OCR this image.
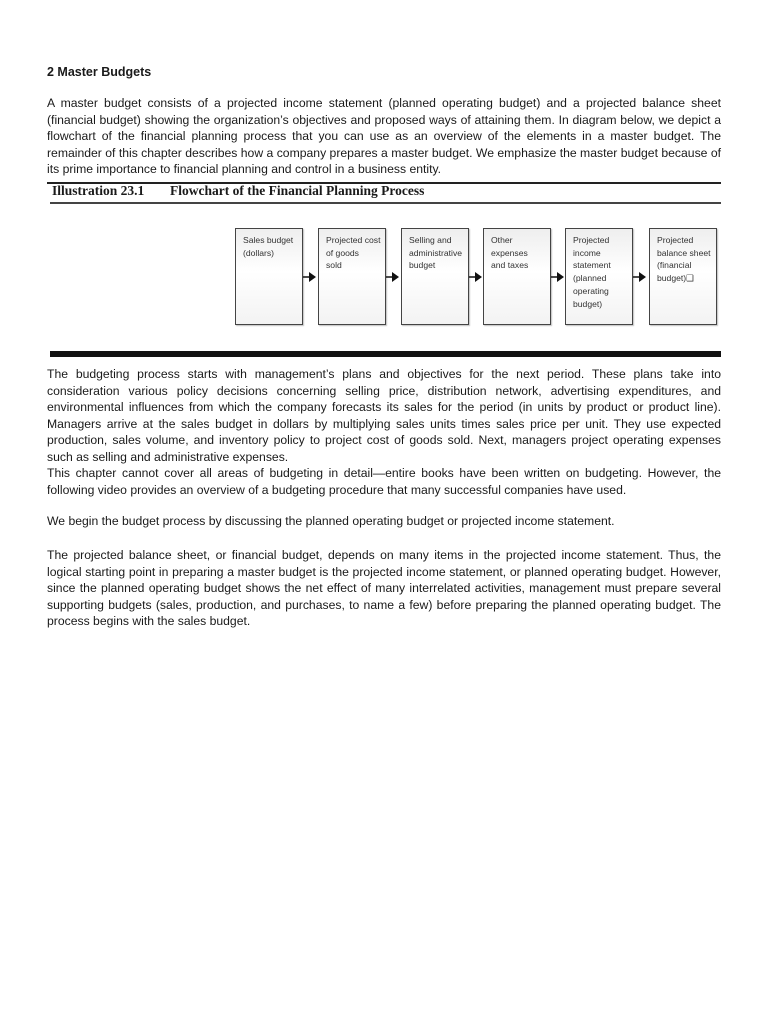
2 Master Budgets

A master budget consists of a projected income statement (planned operating budget) and a projected balance sheet (financial budget) showing the organization’s objectives and proposed ways of attaining them. In diagram below, we depict a flowchart of the financial planning process that you can use as an overview of the elements in a master budget. The remainder of this chapter describes how a company prepares a master budget. We emphasize the master budget because of its prime importance to financial planning and control in a business entity.

Illustration 23.1 Flowchart of the Financial Planning Process
Sales budget
(dollars)
Projected cost
of goods
sold
Selling and
administrative
budget
Other
expenses
and taxes
Projected
income
statement
(planned
operating
budget)
Projected
balance sheet
(financial
budget)❑
The budgeting process starts with management’s plans and objectives for the next period. These plans take into consideration various policy decisions concerning selling price, distribution network, advertising expenditures, and environmental influences from which the company forecasts its sales for the period (in units by product or product line). Managers arrive at the sales budget in dollars by multiplying sales units times sales price per unit. They use expected production, sales volume, and inventory policy to project cost of goods sold. Next, managers project operating expenses such as selling and administrative expenses.
This chapter cannot cover all areas of budgeting in detail—entire books have been written on budgeting. However, the following video provides an overview of a budgeting procedure that many successful companies have used.

We begin the budget process by discussing the planned operating budget or projected income statement.

The projected balance sheet, or financial budget, depends on many items in the projected income statement. Thus, the logical starting point in preparing a master budget is the projected income statement, or planned operating budget. However, since the planned operating budget shows the net effect of many interrelated activities, management must prepare several supporting budgets (sales, production, and purchases, to name a few) before preparing the planned operating budget. The process begins with the sales budget.
